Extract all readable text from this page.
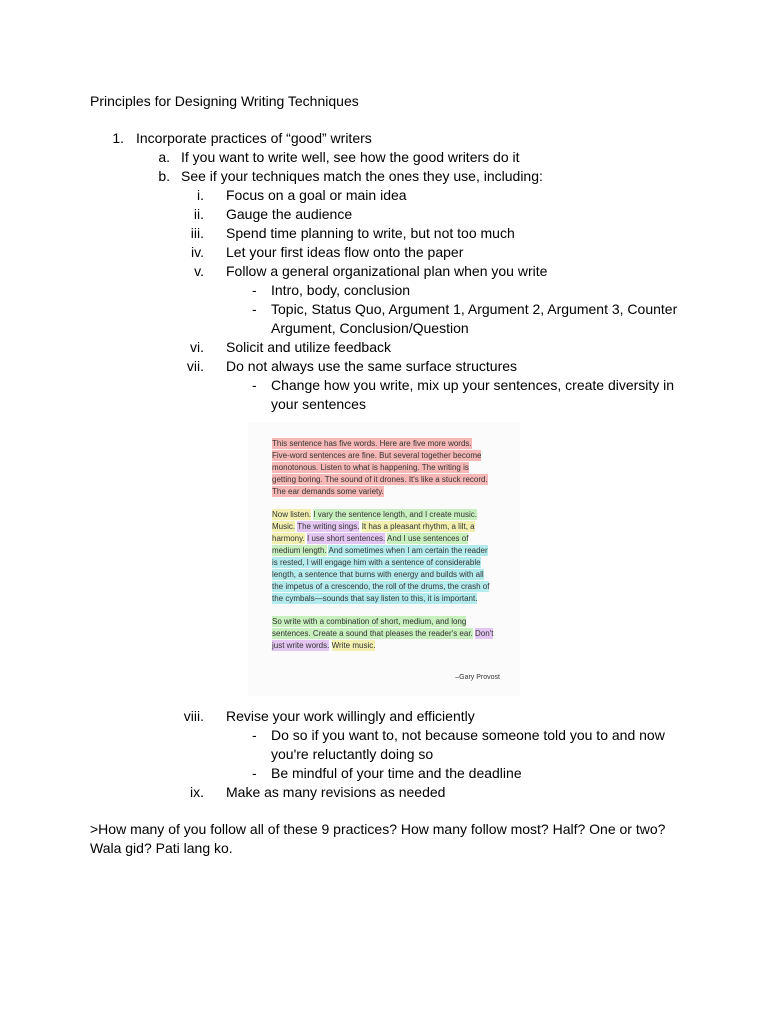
Principles for Designing Writing Techniques
1. Incorporate practices of “good” writers
a. If you want to write well, see how the good writers do it
b. See if your techniques match the ones they use, including:
i. Focus on a goal or main idea
ii. Gauge the audience
iii. Spend time planning to write, but not too much
iv. Let your first ideas flow onto the paper
v. Follow a general organizational plan when you write
- Intro, body, conclusion
- Topic, Status Quo, Argument 1, Argument 2, Argument 3, Counter
Argument, Conclusion/Question
vi. Solicit and utilize feedback
vii. Do not always use the same surface structures
- Change how you write, mix up your sentences, create diversity in
your sentences
This sentence has five words. Here are five more words.
Five-word sentences are fine. But several together become
monotonous. Listen to what is happening. The writing is
getting boring. The sound of it drones. It's like a stuck record.
The ear demands some variety.
Now listen. I vary the sentence length, and I create music.
Music. The writing sings. It has a pleasant rhythm, a lilt, a
harmony. I use short sentences. And I use sentences of
medium length. And sometimes when I am certain the reader
is rested, I will engage him with a sentence of considerable
length, a sentence that burns with energy and builds with all
the impetus of a crescendo, the roll of the drums, the crash of
the cymbals—sounds that say listen to this, it is important.
So write with a combination of short, medium, and long
sentences. Create a sound that pleases the reader's ear. Don't
just write words. Write music.
–Gary Provost
viii. Revise your work willingly and efficiently
- Do so if you want to, not because someone told you to and now
you're reluctantly doing so
- Be mindful of your time and the deadline
ix. Make as many revisions as needed
>How many of you follow all of these 9 practices? How many follow most? Half? One or two?
Wala gid? Pati lang ko.
